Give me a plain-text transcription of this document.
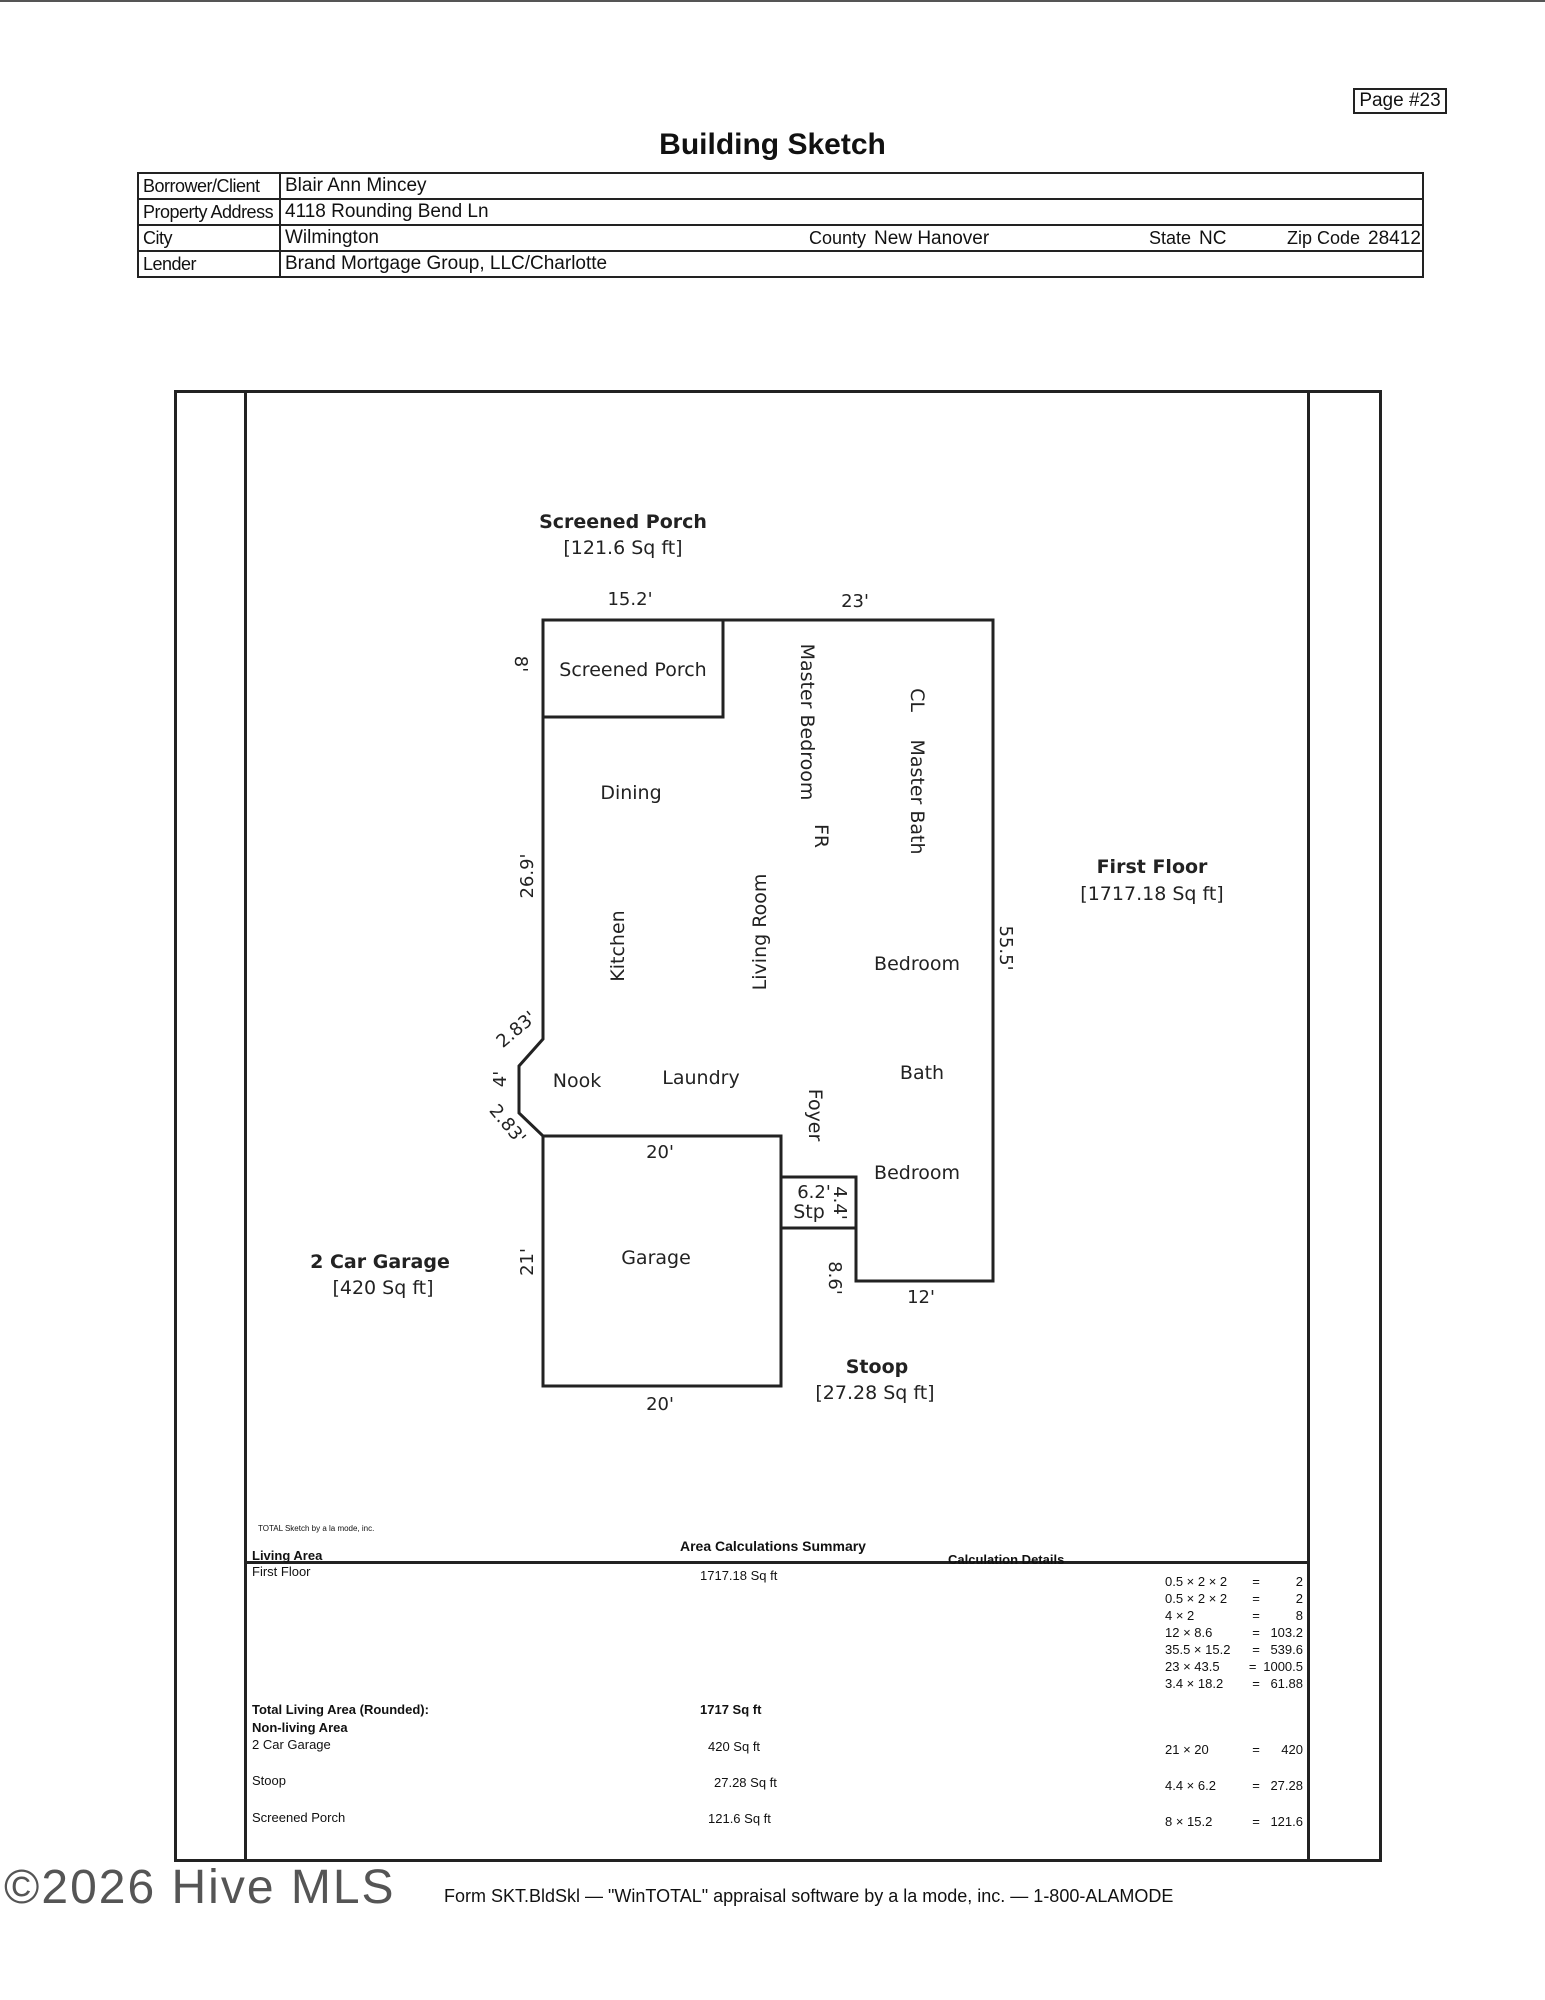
Page #23
Building Sketch
Borrower/Client	Blair Ann Mincey
Property Address	4118 Rounding Bend Ln
City	Wilmington County New Hanover State NC Zip Code 28412

Lender	Brand Mortgage Group, LLC/Charlotte
Screened Porch
[121.6 Sq ft]
First Floor
[1717.18 Sq ft]
2 Car Garage
[420 Sq ft]
Stoop
[27.28 Sq ft]
Screened Porch
Dining
Kitchen	Living Room
Master Bedroom
FR
CL
Master Bath
Bedroom
Bath
Bedroom
Nook	Laundry
Foyer
Garage
Stp
15.2'	23'
8'
26.9'
55.5'
2.83'
4'
2.83'
20'
20'
21'
6.2'
4.4'
8.6'
12'
TOTAL Sketch by a la mode, inc.
Area Calculations Summary
Living Area
First Floor	1717.18 Sq ft
Calculation Details
0.5 × 2 × 2	=	2
0.5 × 2 × 2	=	2
4 × 2	=	8
12 × 8.6	= 103.2
35.5 × 15.2	= 539.6
23 × 43.5	= 1000.5
3.4 × 18.2	= 61.88
Total Living Area (Rounded):	1717 Sq ft
Non-living Area
2 Car Garage	420 Sq ft	21 × 20	=	420
Stoop	27.28 Sq ft	4.4 × 6.2	= 27.28
Screened Porch	121.6 Sq ft	8 × 15.2	= 121.6
©2026 Hive MLS	Form SKT.BldSkl — "WinTOTAL" appraisal software by a la mode, inc. — 1-800-ALAMODE
